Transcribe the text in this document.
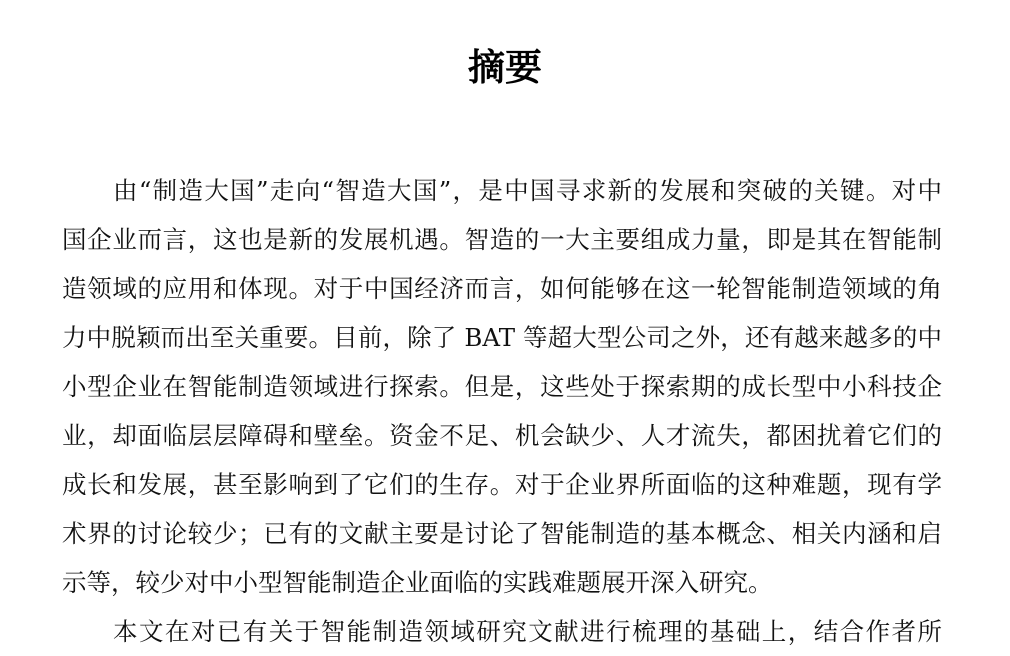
摘要
由“制造大国”走向“智造大国”，是中国寻求新的发展和突破的关键。对中
国企业而言，这也是新的发展机遇。智造的一大主要组成力量，即是其在智能制
造领域的应用和体现。对于中国经济而言，如何能够在这一轮智能制造领域的角
力中脱颖而出至关重要。目前，除了 BAT 等超大型公司之外，还有越来越多的中
小型企业在智能制造领域进行探索。但是，这些处于探索期的成长型中小科技企
业，却面临层层障碍和壁垒。资金不足、机会缺少、人才流失，都困扰着它们的
成长和发展，甚至影响到了它们的生存。对于企业界所面临的这种难题，现有学
术界的讨论较少；已有的文献主要是讨论了智能制造的基本概念、相关内涵和启
示等，较少对中小型智能制造企业面临的实践难题展开深入研究。
本文在对已有关于智能制造领域研究文献进行梳理的基础上，结合作者所
